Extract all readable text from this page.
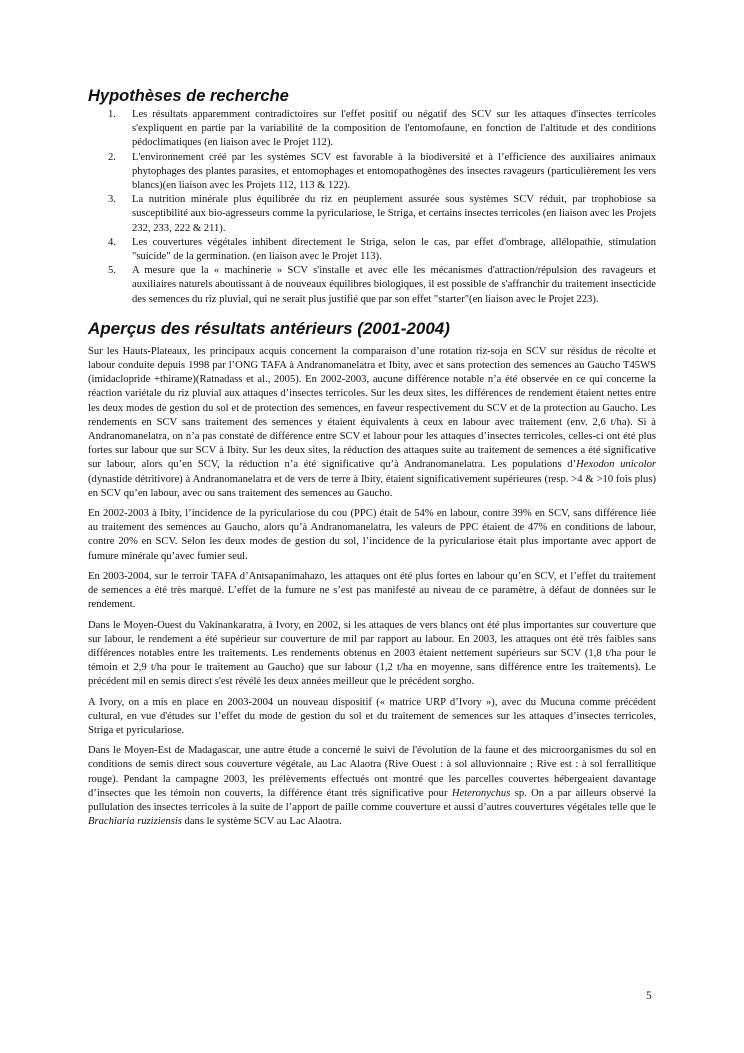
Hypothèses de recherche
1. Les résultats apparemment contradictoires sur l'effet positif ou négatif des SCV sur les attaques d'insectes terricoles s'expliquent en partie par la variabilité de la composition de l'entomofaune, en fonction de l'altitude et des conditions pédoclimatiques (en liaison avec le Projet 112).
2. L'environnement créé par les systèmes SCV est favorable à la biodiversité et à l’efficience des auxiliaires animaux phytophages des plantes parasites, et entomophages et entomopathogènes des insectes ravageurs (particulièrement les vers blancs)(en liaison avec les Projets 112, 113 & 122).
3. La nutrition minérale plus équilibrée du riz en peuplement assurée sous systèmes SCV réduit, par trophobiose sa susceptibilité aux bio-agresseurs comme la pyriculariose, le Striga, et certains insectes terricoles (en liaison avec les Projets 232, 233, 222 & 211).
4. Les couvertures végétales inhibent directement le Striga, selon le cas, par effet d'ombrage, allélopathie, stimulation "suicide" de la germination. (en liaison avec le Projet 113).
5. A mesure que la « machinerie » SCV s'installe et avec elle les mécanismes d'attraction/répulsion des ravageurs et auxiliaires naturels aboutissant à de nouveaux équilibres biologiques, il est possible de s'affranchir du traitement insecticide des semences du riz pluvial, qui ne serait plus justifié que par son effet "starter"(en liaison avec le Projet 223).
Aperçus des résultats antérieurs (2001-2004)

Sur les Hauts-Plateaux, les principaux acquis concernent la comparaison d’une rotation riz-soja en SCV sur résidus de récolte et labour conduite depuis 1998 par l’ONG TAFA à Andranomanelatra et Ibity, avec et sans protection des semences au Gaucho T45WS (imidaclopride +thirame)(Ratnadass et al., 2005). En 2002-2003, aucune différence notable n’a été observée en ce qui concerne la réaction variétale du riz pluvial aux attaques d’insectes terricoles. Sur les deux sites, les différences de rendement étaient nettes entre les deux modes de gestion du sol et de protection des semences, en faveur respectivement du SCV et de la protection au Gaucho. Les rendements en SCV sans traitement des semences y étaient équivalents à ceux en labour avec traitement (env. 2,6 t/ha). Si à Andranomanelatra, on n’a pas constaté de différence entre SCV et labour pour les attaques d’insectes terricoles, celles-ci ont été plus fortes sur labour que sur SCV à Ibity. Sur les deux sites, la réduction des attaques suite au traitement de semences a été significative sur labour, alors qu’en SCV, la réduction n’a été significative qu’à Andranomanelatra. Les populations d’Hexodon unicolor (dynastide détritivore) à Andranomanelatra et de vers de terre à Ibity, étaient significativement supérieures (resp. >4 & >10 fois plus) en SCV qu’en labour, avec ou sans traitement des semences au Gaucho.

En 2002-2003 à Ibity, l’incidence de la pyriculariose du cou (PPC) était de 54% en labour, contre 39% en SCV, sans différence liée au traitement des semences au Gaucho, alors qu’à Andranomanelatra, les valeurs de PPC étaient de 47% en conditions de labour, contre 20% en SCV. Selon les deux modes de gestion du sol, l’incidence de la pyriculariose était plus importante avec apport de fumure minérale qu’avec fumier seul.

En 2003-2004, sur le terroir TAFA d’Antsapanimahazo, les attaques ont été plus fortes en labour qu’en SCV, et l’effet du traitement de semences a été très marqué. L’effet de la fumure ne s’est pas manifesté au niveau de ce paramètre, à défaut de données sur le rendement.

Dans le Moyen-Ouest du Vakinankaratra, à Ivory, en 2002, si les attaques de vers blancs ont été plus importantes sur couverture que sur labour, le rendement a été supérieur sur couverture de mil par rapport au labour. En 2003, les attaques ont été très faibles sans différences notables entre les traitements. Les rendements obtenus en 2003 étaient nettement supérieurs sur SCV (1,8 t/ha pour le témoin et 2,9 t/ha pour le traitement au Gaucho) que sur labour (1,2 t/ha en moyenne, sans différence entre les traitements). Le précédent mil en semis direct s'est révélé les deux années meilleur que le précédent sorgho.

A Ivory, on a mis en place en 2003-2004 un nouveau dispositif (« matrice URP d’Ivory »), avec du Mucuna comme précédent cultural, en vue d'études sur l’effet du mode de gestion du sol et du traitement de semences sur les attaques d’insectes terricoles, Striga et pyriculariose.

Dans le Moyen-Est de Madagascar, une autre étude a concerné le suivi de l'évolution de la faune et des microorganismes du sol en conditions de semis direct sous couverture végétale, au Lac Alaotra (Rive Ouest : à sol alluvionnaire ; Rive est : à sol ferrallitique rouge). Pendant la campagne 2003, les prélèvements effectués ont montré que les parcelles couvertes hébergeaient davantage d’insectes que les témoin non couverts, la différence étant très significative pour Heteronychus sp. On a par ailleurs observé la pullulation des insectes terricoles à la suite de l’apport de paille comme couverture et aussi d’autres couvertures végétales telle que le Brachiaria ruziziensis dans le système SCV au Lac Alaotra.

5
